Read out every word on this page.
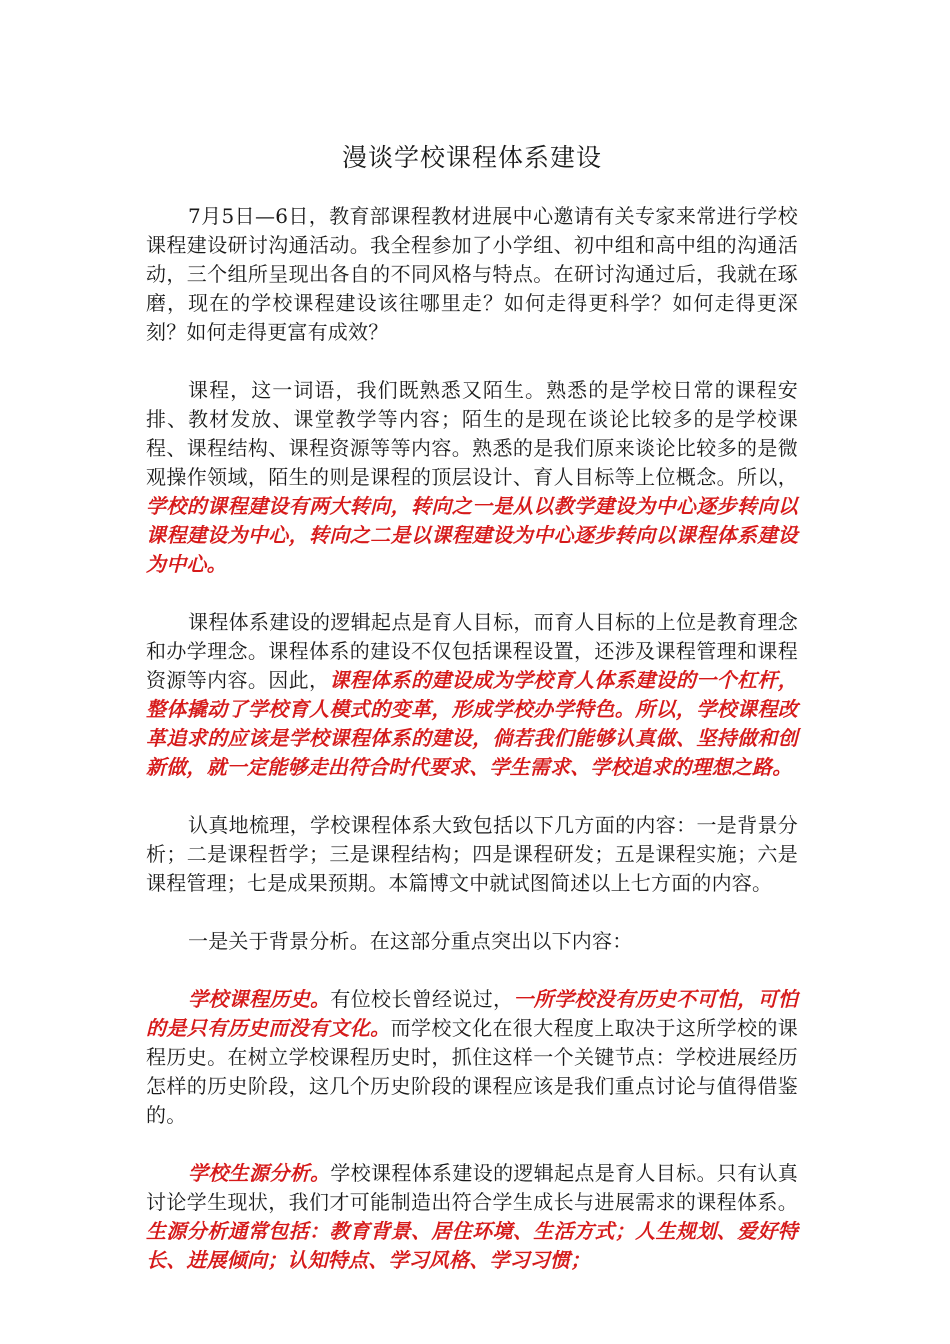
漫谈学校课程体系建设

7月5日—6日，教育部课程教材进展中心邀请有关专家来常进行学校课程建设研讨沟通活动。我全程参加了小学组、初中组和高中组的沟通活动，三个组所呈现出各自的不同风格与特点。在研讨沟通过后，我就在琢磨，现在的学校课程建设该往哪里走？如何走得更科学？如何走得更深刻？如何走得更富有成效？

课程，这一词语，我们既熟悉又陌生。熟悉的是学校日常的课程安排、教材发放、课堂教学等内容；陌生的是现在谈论比较多的是学校课程、课程结构、课程资源等等内容。熟悉的是我们原来谈论比较多的是微观操作领域，陌生的则是课程的顶层设计、育人目标等上位概念。所以，学校的课程建设有两大转向，转向之一是从以教学建设为中心逐步转向以课程建设为中心，转向之二是以课程建设为中心逐步转向以课程体系建设为中心。

课程体系建设的逻辑起点是育人目标，而育人目标的上位是教育理念和办学理念。课程体系的建设不仅包括课程设置，还涉及课程管理和课程资源等内容。因此，课程体系的建设成为学校育人体系建设的一个杠杆，整体撬动了学校育人模式的变革，形成学校办学特色。所以，学校课程改革追求的应该是学校课程体系的建设，倘若我们能够认真做、坚持做和创新做，就一定能够走出符合时代要求、学生需求、学校追求的理想之路。

认真地梳理，学校课程体系大致包括以下几方面的内容：一是背景分析；二是课程哲学；三是课程结构；四是课程研发；五是课程实施；六是课程管理；七是成果预期。本篇博文中就试图简述以上七方面的内容。

一是关于背景分析。在这部分重点突出以下内容：

学校课程历史。有位校长曾经说过，一所学校没有历史不可怕，可怕的是只有历史而没有文化。而学校文化在很大程度上取决于这所学校的课程历史。在树立学校课程历史时，抓住这样一个关键节点：学校进展经历怎样的历史阶段，这几个历史阶段的课程应该是我们重点讨论与值得借鉴的。

学校生源分析。学校课程体系建设的逻辑起点是育人目标。只有认真讨论学生现状，我们才可能制造出符合学生成长与进展需求的课程体系。生源分析通常包括：教育背景、居住环境、生活方式；人生规划、爱好特长、进展倾向；认知特点、学习风格、学习习惯；
